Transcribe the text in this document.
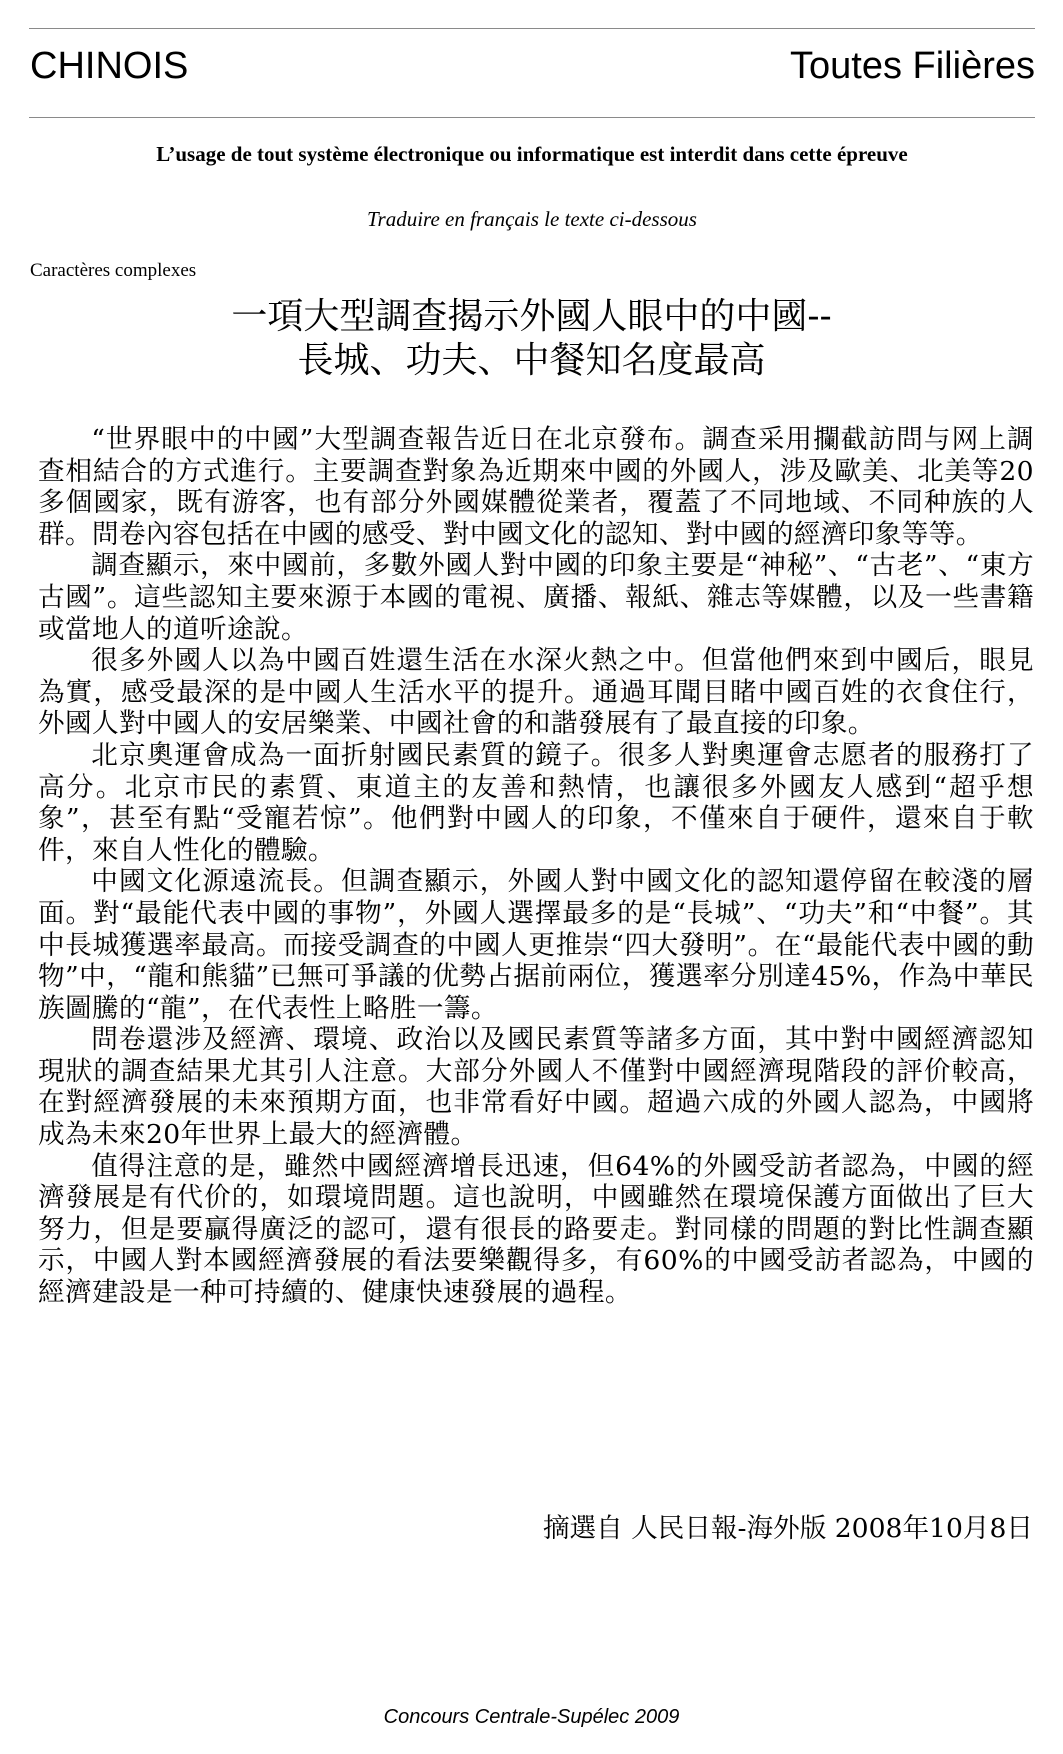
CHINOIS	Toutes Filières
L’usage de tout système électronique ou informatique est interdit dans cette épreuve
Traduire en français le texte ci-dessous
Caractères complexes
一項大型調查揭示外國人眼中的中國--
長城、功夫、中餐知名度最高

“世界眼中的中國”大型調查報告近日在北京發布。調查采用攔截訪問与网上調查相結合的方式進行。主要調查對象為近期來中國的外國人，涉及歐美、北美等20多個國家，既有游客，也有部分外國媒體從業者，覆蓋了不同地域、不同种族的人群。問卷內容包括在中國的感受、對中國文化的認知、對中國的經濟印象等等。

調查顯示，來中國前，多數外國人對中國的印象主要是“神秘”、“古老”、“東方古國”。這些認知主要來源于本國的電視、廣播、報紙、雜志等媒體，以及一些書籍或當地人的道听途說。

很多外國人以為中國百姓還生活在水深火熱之中。但當他們來到中國后，眼見為實，感受最深的是中國人生活水平的提升。通過耳聞目睹中國百姓的衣食住行，外國人對中國人的安居樂業、中國社會的和諧發展有了最直接的印象。

北京奧運會成為一面折射國民素質的鏡子。很多人對奧運會志愿者的服務打了高分。北京市民的素質、東道主的友善和熱情，也讓很多外國友人感到“超乎想象”，甚至有點“受寵若惊”。他們對中國人的印象，不僅來自于硬件，還來自于軟件，來自人性化的體驗。

中國文化源遠流長。但調查顯示，外國人對中國文化的認知還停留在較淺的層面。對“最能代表中國的事物”，外國人選擇最多的是“長城”、“功夫”和“中餐”。其中長城獲選率最高。而接受調查的中國人更推崇“四大發明”。在“最能代表中國的動物”中，“龍和熊貓”已無可爭議的优勢占据前兩位，獲選率分別達45%，作為中華民族圖騰的“龍”，在代表性上略胜一籌。

問卷還涉及經濟、環境、政治以及國民素質等諸多方面，其中對中國經濟認知現狀的調查結果尤其引人注意。大部分外國人不僅對中國經濟現階段的評价較高，在對經濟發展的未來預期方面，也非常看好中國。超過六成的外國人認為，中國將成為未來20年世界上最大的經濟體。

值得注意的是，雖然中國經濟增長迅速，但64%的外國受訪者認為，中國的經濟發展是有代价的，如環境問題。這也說明，中國雖然在環境保護方面做出了巨大努力，但是要贏得廣泛的認可，還有很長的路要走。對同樣的問題的對比性調查顯示，中國人對本國經濟發展的看法要樂觀得多，有60%的中國受訪者認為，中國的經濟建設是一种可持續的、健康快速發展的過程。

摘選自 人民日報-海外版 2008年10月8日
Concours Centrale-Supélec 2009
